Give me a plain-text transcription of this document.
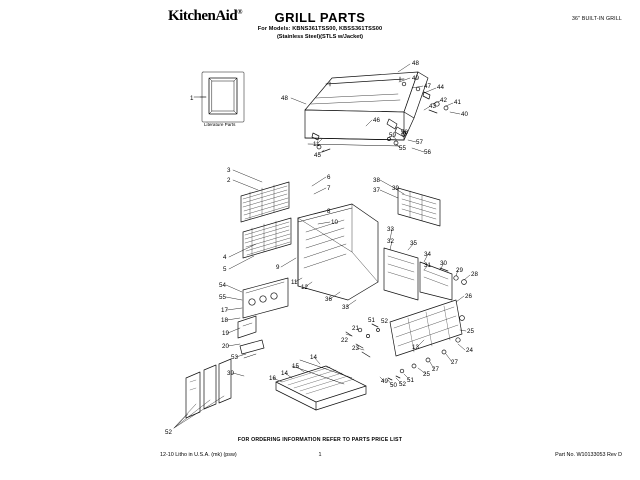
KitchenAid®	GRILL PARTS
For Models: KBNS361TSS00, KBSS361TSS00
(Stainless Steel)(STLS w/Jacket)
36" BUILT-IN GRILL
1	48
48
49
47 44
42 41
43
40
46
59 58
57
56
55
11
45
3
2	6
7
38
37 39
8
10
33
35
32
34
31 30
29
28
4
5	9
11
12
36
33
54
55
17
18
26
25
51 52
21
20
19
53
22
23	13	24
27
27
25
51
52
50
49
14
15
14
16
39
52
Literature Parts
FOR ORDERING INFORMATION REFER TO PARTS PRICE LIST
12-10 Litho in U.S.A. (mk) (psw)	1	Part No. W10133053 Rev D
